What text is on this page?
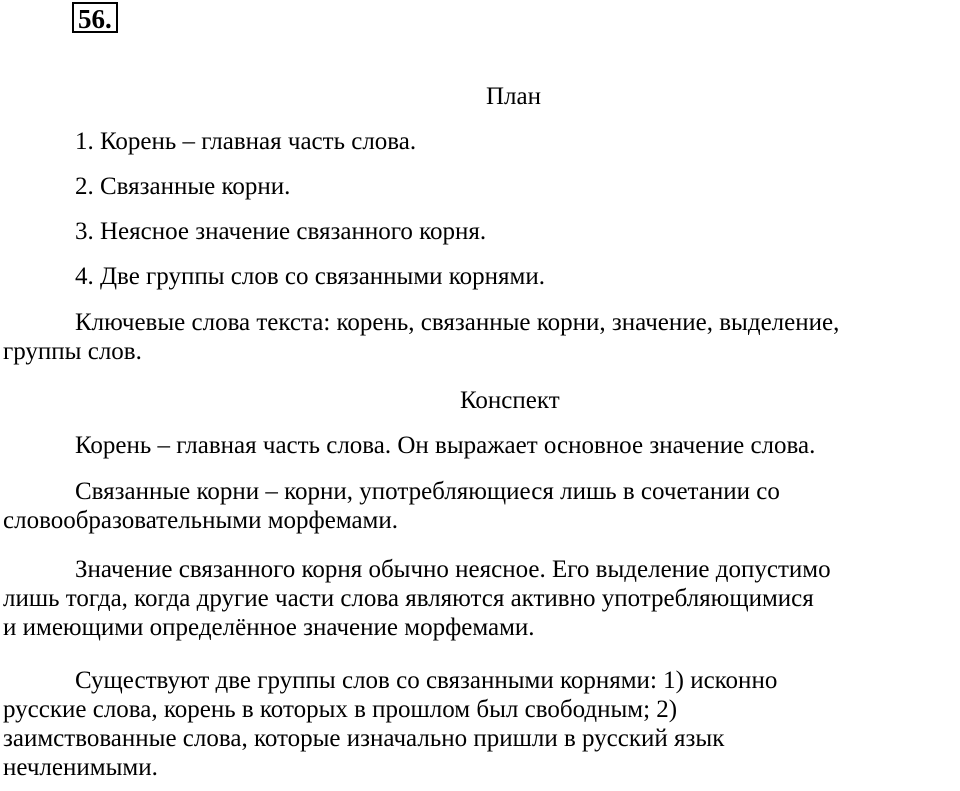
56.
План
1. Корень – главная часть слова.
2. Связанные корни.
3. Неясное значение связанного корня.
4. Две группы слов со связанными корнями.
Ключевые слова текста: корень, связанные корни, значение, выделение,
группы слов.
Конспект
Корень – главная часть слова. Он выражает основное значение слова.
Связанные корни – корни, употребляющиеся лишь в сочетании со
словообразовательными морфемами.
Значение связанного корня обычно неясное. Его выделение допустимо
лишь тогда, когда другие части слова являются активно употребляющимися
и имеющими определённое значение морфемами.
Существуют две группы слов со связанными корнями: 1) исконно
русские слова, корень в которых в прошлом был свободным; 2)
заимствованные слова, которые изначально пришли в русский язык
нечленимыми.
